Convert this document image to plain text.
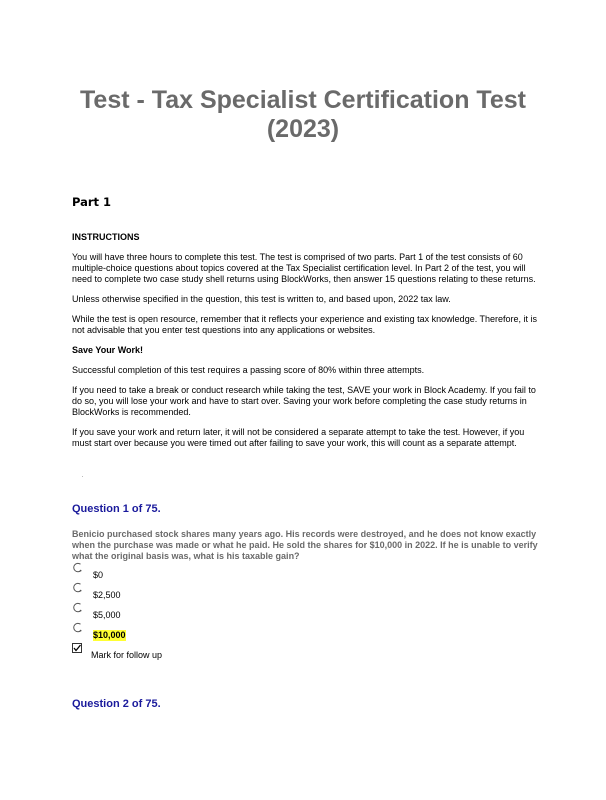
Test - Tax Specialist Certification Test (2023)
Part 1

INSTRUCTIONS

You will have three hours to complete this test. The test is comprised of two parts. Part 1 of the test consists of 60 multiple-choice questions about topics covered at the Tax Specialist certification level. In Part 2 of the test, you will need to complete two case study shell returns using BlockWorks, then answer 15 questions relating to these returns.

Unless otherwise specified in the question, this test is written to, and based upon, 2022 tax law.

While the test is open resource, remember that it reflects your experience and existing tax knowledge. Therefore, it is not advisable that you enter test questions into any applications or websites.

Save Your Work!

Successful completion of this test requires a passing score of 80% within three attempts.

If you need to take a break or conduct research while taking the test, SAVE your work in Block Academy. If you fail to do so, you will lose your work and have to start over. Saving your work before completing the case study returns in BlockWorks is recommended.

If you save your work and return later, it will not be considered a separate attempt to take the test. However, if you must start over because you were timed out after failing to save your work, this will count as a separate attempt.

Question 1 of 75.
Benicio purchased stock shares many years ago. His records were destroyed, and he does not know exactly when the purchase was made or what he paid. He sold the shares for $10,000 in 2022. If he is unable to verify what the original basis was, what is his taxable gain?
$0
$2,500
$5,000
$10,000
Mark for follow up
Question 2 of 75.
